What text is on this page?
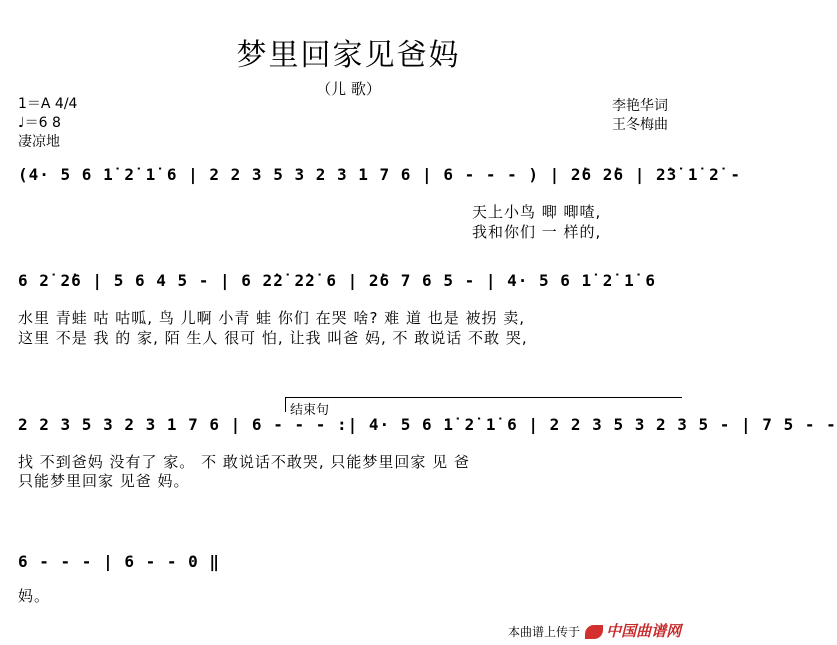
梦里回家见爸妈
（儿 歌）
1＝A 4/4
♩＝6 8
凄凉地
李艳华词
王冬梅曲
(4· 5 6 1̇ 2̇ 1̇ 6 | 2 2 3 5 3 2 3 1 7 6 | 6 - - - ) | 2̇6 2̇6 | 2̇3̇ 1̇ 2̇ -
天上小鸟 唧 唧喳,
我和你们 一 样的,
6 2̇ 2̇6 | 5 6 4 5 - | 6 2̇2̇ 2̇2̇ 6 | 2̇6 7 6 5 - | 4· 5 6 1̇ 2̇ 1̇ 6
水里 青蛙 咕 咕呱, 鸟 儿啊 小青 蛙 你们 在哭 啥? 难 道 也是 被拐 卖,
这里 不是 我 的 家, 陌 生人 很可 怕, 让我 叫爸 妈, 不 敢说话 不敢 哭,
结束句
2 2 3 5 3 2 3 1 7 6 | 6 - - - :| 4· 5 6 1̇ 2̇ 1̇ 6 | 2 2 3 5 3 2 3 5 - | 7 5 - -
找 不到爸妈 没有了 家。 不 敢说话不敢哭, 只能梦里回家 见 爸
只能梦里回家 见爸 妈。
6 - - - | 6 - - 0 ‖
妈。
本曲谱上传于 中国曲谱网
